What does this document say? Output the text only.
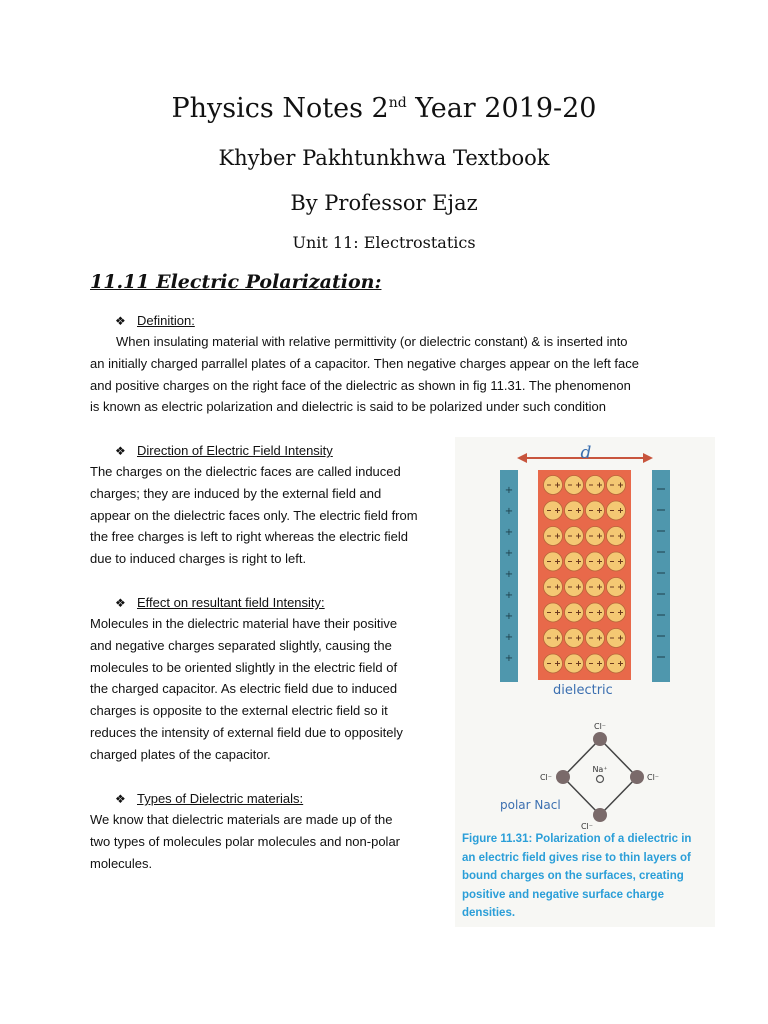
Physics Notes 2nd Year 2019-20
Khyber Pakhtunkhwa Textbook
By Professor Ejaz
Unit 11: Electrostatics
11.11 Electric Polarization:
❖ Definition:
When insulating material with relative permittivity (or dielectric constant) & is inserted into
an initially charged parrallel plates of a capacitor. Then negative charges appear on the left face
and positive charges on the right face of the dielectric as shown in fig 11.31. The phenomenon
is known as electric polarization and dielectric is said to be polarized under such condition
❖ Direction of Electric Field Intensity
The charges on the dielectric faces are called induced
charges; they are induced by the external field and
appear on the dielectric faces only. The electric field from
the free charges is left to right whereas the electric field
due to induced charges is right to left.
❖ Effect on resultant field Intensity:
Molecules in the dielectric material have their positive
and negative charges separated slightly, causing the
molecules to be oriented slightly in the electric field of
the charged capacitor. As electric field due to induced
charges is opposite to the external electric field so it
reduces the intensity of external field due to oppositely
charged plates of the capacitor.
❖ Types of Dielectric materials:
We know that dielectric materials are made up of the
two types of molecules polar molecules and non-polar
molecules.
d
+
+
+
+
+
+
+
+
+
dielectric
Cl⁻
Cl⁻	Cl⁻
Cl⁻
Na⁺
polar Nacl
Figure 11.31: Polarization of a dielectric in
an electric field gives rise to thin layers of
bound charges on the surfaces, creating
positive and negative surface charge
densities.
